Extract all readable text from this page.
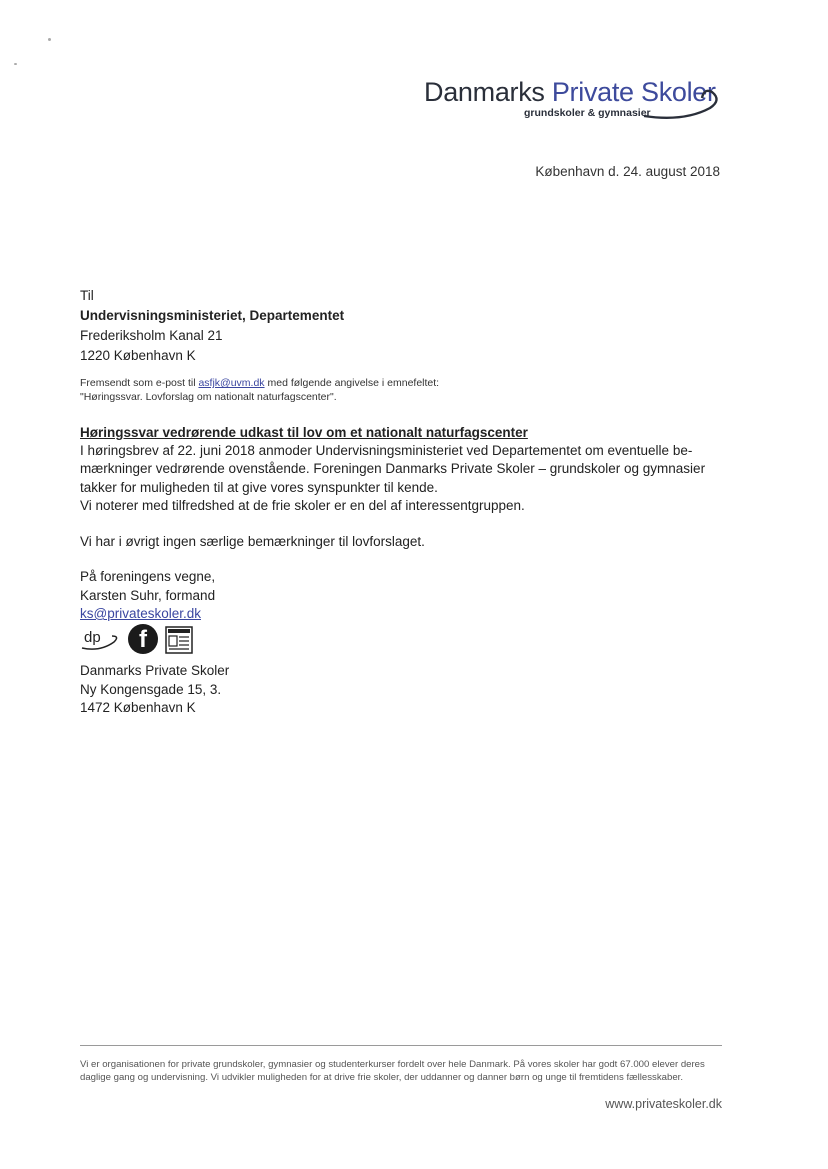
Danmarks Private Skoler
grundskoler & gymnasier
København d. 24. august 2018
Til
Undervisningsministeriet, Departementet
Frederiksholm Kanal 21
1220 København K
Fremsendt som e-post til asfjk@uvm.dk med følgende angivelse i emnefeltet:
"Høringssvar. Lovforslag om nationalt naturfagscenter".

Høringssvar vedrørende udkast til lov om et nationalt naturfagscenter

I høringsbrev af 22. juni 2018 anmoder Undervisningsministeriet ved Departementet om eventuelle be-

mærkninger vedrørende ovenstående. Foreningen Danmarks Private Skoler – grundskoler og gymnasier

takker for muligheden til at give vores synspunkter til kende.

Vi noterer med tilfredshed at de frie skoler er en del af interessentgruppen.

Vi har i øvrigt ingen særlige bemærkninger til lovforslaget.

På foreningens vegne,
Karsten Suhr, formand
ks@privateskoler.dk
dp	f
Danmarks Private Skoler
Ny Kongensgade 15, 3.
1472 København K
Vi er organisationen for private grundskoler, gymnasier og studenterkurser fordelt over hele Danmark. På vores skoler har godt 67.000 elever deres
daglige gang og undervisning. Vi udvikler muligheden for at drive frie skoler, der uddanner og danner børn og unge til fremtidens fællesskaber.
www.privateskoler.dk
